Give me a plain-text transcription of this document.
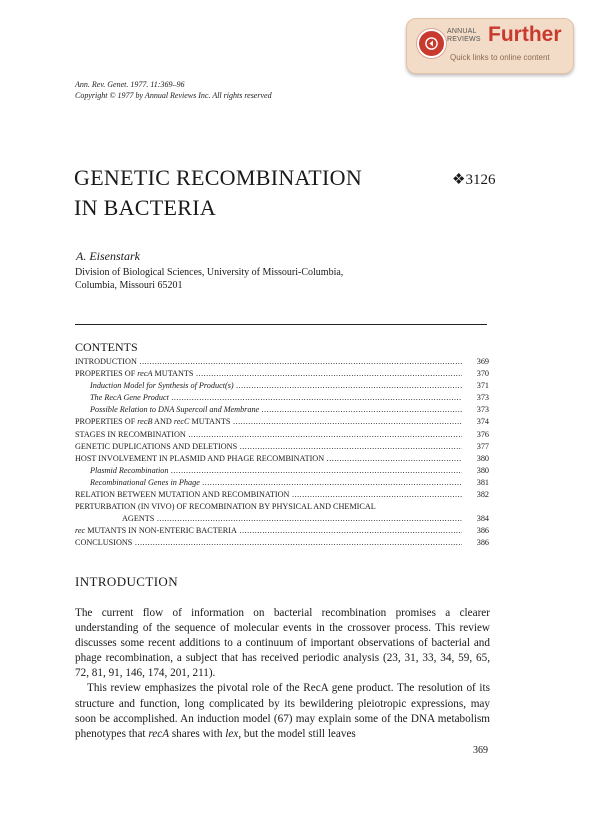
ANNUAL
REVIEWS Further
Quick links to online content
Ann. Rev. Genet. 1977. 11:369–96
Copyright © 1977 by Annual Reviews Inc. All rights reserved
GENETIC RECOMBINATION
IN BACTERIA
❖3126
A. Eisenstark
Division of Biological Sciences, University of Missouri-Columbia,
Columbia, Missouri 65201
CONTENTS
INTRODUCTION .....	369
PROPERTIES OF recA MUTANTS .....	370
Induction Model for Synthesis of Product(s) .....	371
The RecA Gene Product .....	373
Possible Relation to DNA Supercoil and Membrane .....	373
PROPERTIES OF recB AND recC MUTANTS .....	374
STAGES IN RECOMBINATION .....	376
GENETIC DUPLICATIONS AND DELETIONS .....	377
HOST INVOLVEMENT IN PLASMID AND PHAGE RECOMBINATION .....	380
Plasmid Recombination .....	380
Recombinational Genes in Phage .....	381
RELATION BETWEEN MUTATION AND RECOMBINATION .....	382
PERTURBATION (IN VIVO) OF RECOMBINATION BY PHYSICAL AND CHEMICAL
AGENTS .....	384
rec MUTANTS IN NON-ENTERIC BACTERIA .....	386
CONCLUSIONS .....	386
INTRODUCTION

The current flow of information on bacterial recombination promises a clearer understanding of the sequence of molecular events in the crossover process. This review discusses some recent additions to a continuum of important observations of bacterial and phage recombination, a subject that has received periodic analysis (23, 31, 33, 34, 59, 65, 72, 81, 91, 146, 174, 201, 211).

This review emphasizes the pivotal role of the RecA gene product. The resolution of its structure and function, long complicated by its bewildering pleiotropic expressions, may soon be accomplished. An induction model (67) may explain some of the DNA metabolism phenotypes that recA shares with lex, but the model still leaves

369
